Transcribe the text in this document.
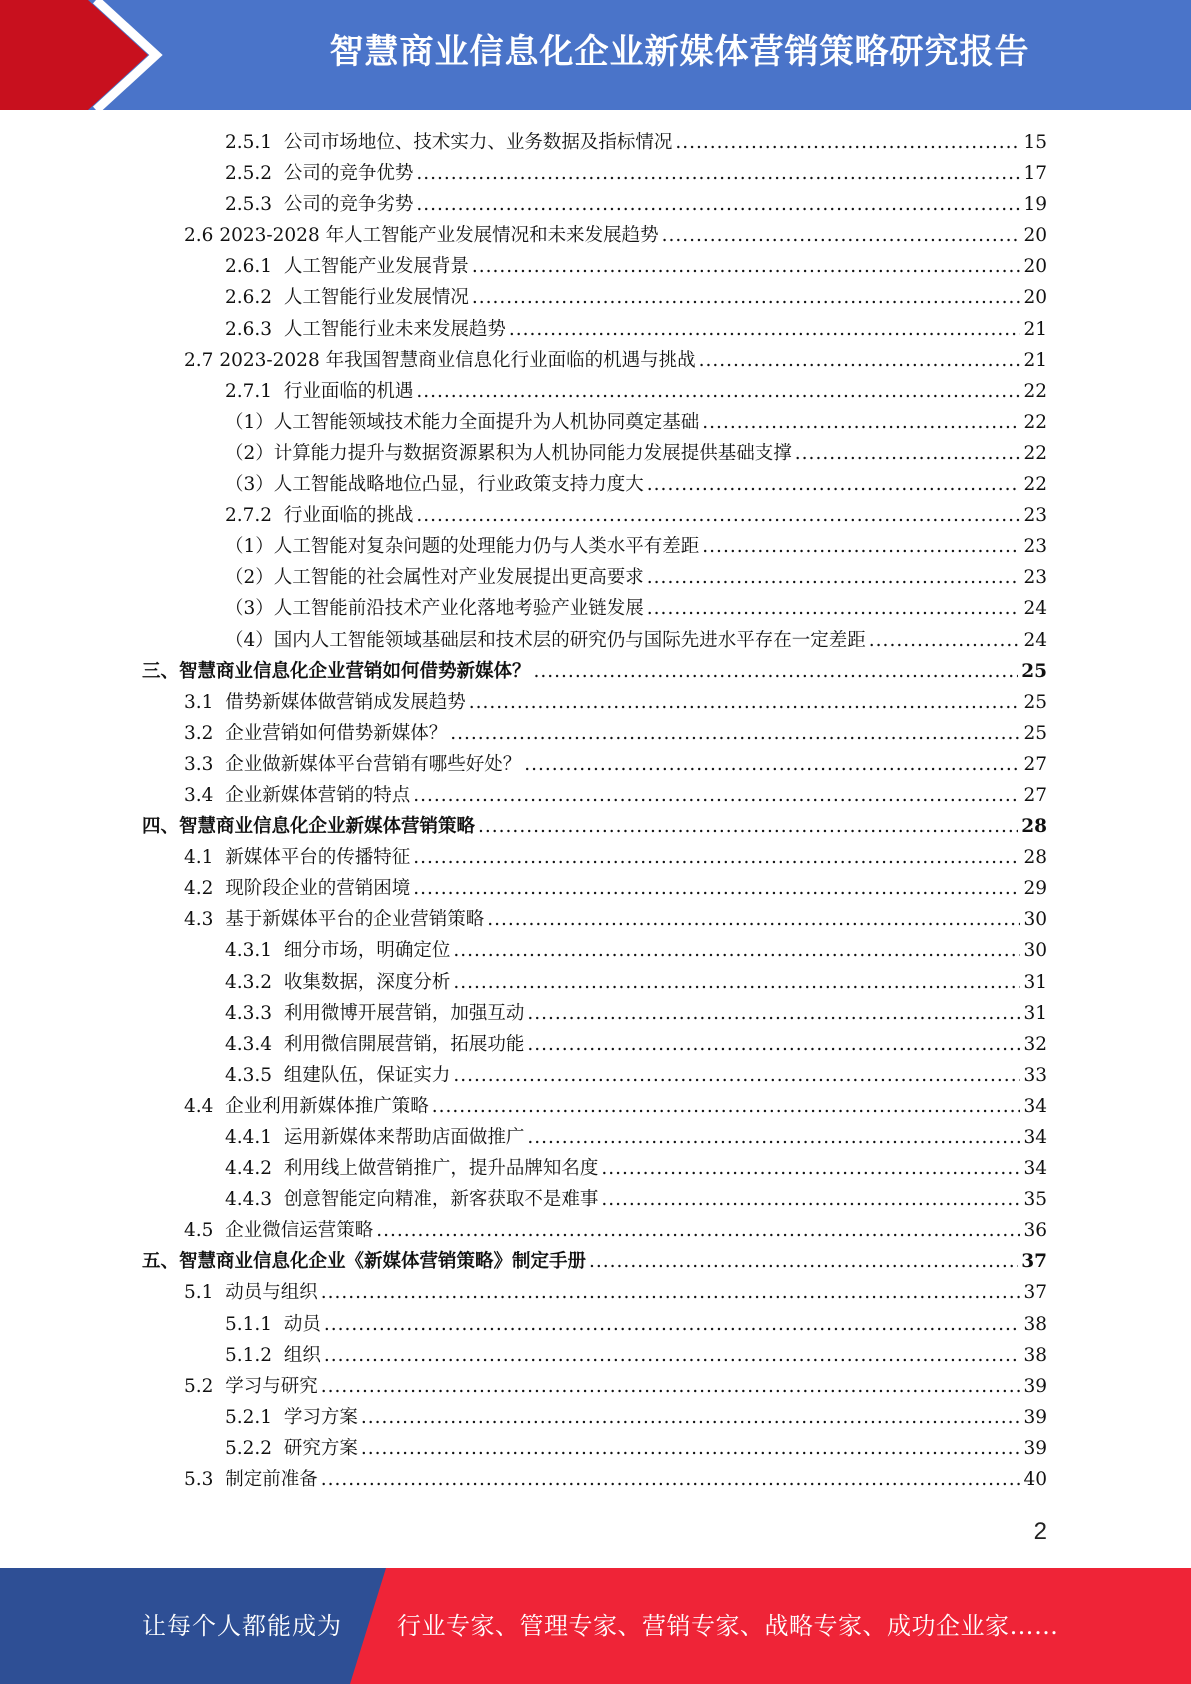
智慧商业信息化企业新媒体营销策略研究报告
2.5.1 公司市场地位、技术实力、业务数据及指标情况 .....	15
2.5.2 公司的竞争优势 .....	17
2.5.3 公司的竞争劣势 .....	19
2.6 2023-2028 年人工智能产业发展情况和未来发展趋势 .....	20
2.6.1 人工智能产业发展背景 .....	20
2.6.2 人工智能行业发展情况 .....	20
2.6.3 人工智能行业未来发展趋势 .....	21
2.7 2023-2028 年我国智慧商业信息化行业面临的机遇与挑战 .....	21
2.7.1 行业面临的机遇 .....	22
（1）人工智能领域技术能力全面提升为人机协同奠定基础 .....	22
（2）计算能力提升与数据资源累积为人机协同能力发展提供基础支撑 .....	22
（3）人工智能战略地位凸显，行业政策支持力度大 .....	22
2.7.2 行业面临的挑战 .....	23
（1）人工智能对复杂问题的处理能力仍与人类水平有差距 .....	23
（2）人工智能的社会属性对产业发展提出更高要求 .....	23
（3）人工智能前沿技术产业化落地考验产业链发展 .....	24
（4）国内人工智能领域基础层和技术层的研究仍与国际先进水平存在一定差距 .....	24
三、智慧商业信息化企业营销如何借势新媒体？ .....	25
3.1 借势新媒体做营销成发展趋势 .....	25
3.2 企业营销如何借势新媒体？ .....	25
3.3 企业做新媒体平台营销有哪些好处？ .....	27
3.4 企业新媒体营销的特点 .....	27
四、智慧商业信息化企业新媒体营销策略 .....	28
4.1 新媒体平台的传播特征 .....	28
4.2 现阶段企业的营销困境 .....	29
4.3 基于新媒体平台的企业营销策略 .....	30
4.3.1 细分市场，明确定位 .....	30
4.3.2 收集数据，深度分析 .....	31
4.3.3 利用微博开展营销，加强互动 .....	31
4.3.4 利用微信開展营销，拓展功能 .....	32
4.3.5 组建队伍，保证实力 .....	33
4.4 企业利用新媒体推广策略 .....	34
4.4.1 运用新媒体来帮助店面做推广 .....	34
4.4.2 利用线上做营销推广，提升品牌知名度 .....	34
4.4.3 创意智能定向精准，新客获取不是难事 .....	35
4.5 企业微信运营策略 .....	36
五、智慧商业信息化企业《新媒体营销策略》制定手册 .....	37
5.1 动员与组织 .....	37
5.1.1 动员 .....	38
5.1.2 组织 .....	38
5.2 学习与研究 .....	39
5.2.1 学习方案 .....	39
5.2.2 研究方案 .....	39
5.3 制定前准备 .....	40
2
让每个人都能成为 行业专家、管理专家、营销专家、战略专家、成功企业家……
